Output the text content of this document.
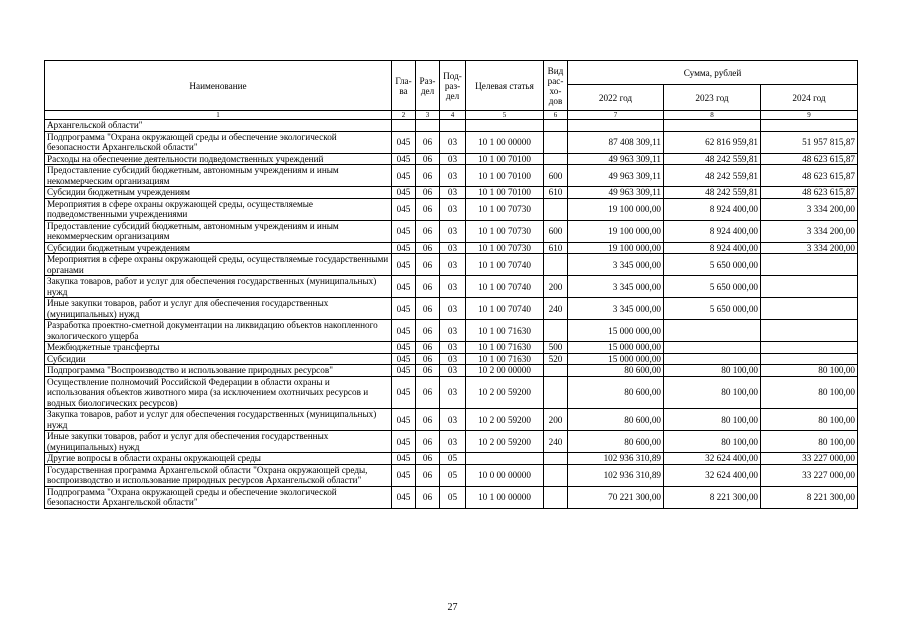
Наименование	Гла-ва	Раз-дел	Под-раз-дел	Целевая статья	Вид рас-хо-дов	Сумма, рублей		
						2022 год	2023 год	2024 год
1	2	3	4	5	6	7	8	9
Архангельской области"								
Подпрограмма "Охрана окружающей среды и обеспечение экологической безопасности Архангельской области"	045	06	03	10 1 00 00000		87 408 309,11	62 816 959,81	51 957 815,87
Расходы на обеспечение деятельности подведомственных учреждений	045	06	03	10 1 00 70100		49 963 309,11	48 242 559,81	48 623 615,87
Предоставление субсидий бюджетным, автономным учреждениям и иным некоммерческим организациям	045	06	03	10 1 00 70100	600	49 963 309,11	48 242 559,81	48 623 615,87
Субсидии бюджетным учреждениям	045	06	03	10 1 00 70100	610	49 963 309,11	48 242 559,81	48 623 615,87
Мероприятия в сфере охраны окружающей среды, осуществляемые подведомственными учреждениями	045	06	03	10 1 00 70730		19 100 000,00	8 924 400,00	3 334 200,00
Предоставление субсидий бюджетным, автономным учреждениям и иным некоммерческим организациям	045	06	03	10 1 00 70730	600	19 100 000,00	8 924 400,00	3 334 200,00
Субсидии бюджетным учреждениям	045	06	03	10 1 00 70730	610	19 100 000,00	8 924 400,00	3 334 200,00
Мероприятия в сфере охраны окружающей среды, осуществляемые государственными органами	045	06	03	10 1 00 70740		3 345 000,00	5 650 000,00	
Закупка товаров, работ и услуг для обеспечения государственных (муниципальных) нужд	045	06	03	10 1 00 70740	200	3 345 000,00	5 650 000,00	
Иные закупки товаров, работ и услуг для обеспечения государственных (муниципальных) нужд	045	06	03	10 1 00 70740	240	3 345 000,00	5 650 000,00	
Разработка проектно-сметной документации на ликвидацию объектов накопленного экологического ущерба	045	06	03	10 1 00 71630		15 000 000,00		
Межбюджетные трансферты	045	06	03	10 1 00 71630	500	15 000 000,00		
Субсидии	045	06	03	10 1 00 71630	520	15 000 000,00		
Подпрограмма "Воспроизводство и использование природных ресурсов"	045	06	03	10 2 00 00000		80 600,00	80 100,00	80 100,00
Осуществление полномочий Российской Федерации в области охраны и использования объектов животного мира (за исключением охотничьих ресурсов и водных биологических ресурсов)	045	06	03	10 2 00 59200		80 600,00	80 100,00	80 100,00
Закупка товаров, работ и услуг для обеспечения государственных (муниципальных) нужд	045	06	03	10 2 00 59200	200	80 600,00	80 100,00	80 100,00
Иные закупки товаров, работ и услуг для обеспечения государственных (муниципальных) нужд	045	06	03	10 2 00 59200	240	80 600,00	80 100,00	80 100,00
Другие вопросы в области охраны окружающей среды	045	06	05			102 936 310,89	32 624 400,00	33 227 000,00
Государственная программа Архангельской области "Охрана окружающей среды, воспроизводство и использование природных ресурсов Архангельской области"	045	06	05	10 0 00 00000		102 936 310,89	32 624 400,00	33 227 000,00
Подпрограмма "Охрана окружающей среды и обеспечение экологической безопасности Архангельской области"	045	06	05	10 1 00 00000		70 221 300,00	8 221 300,00	8 221 300,00
27
